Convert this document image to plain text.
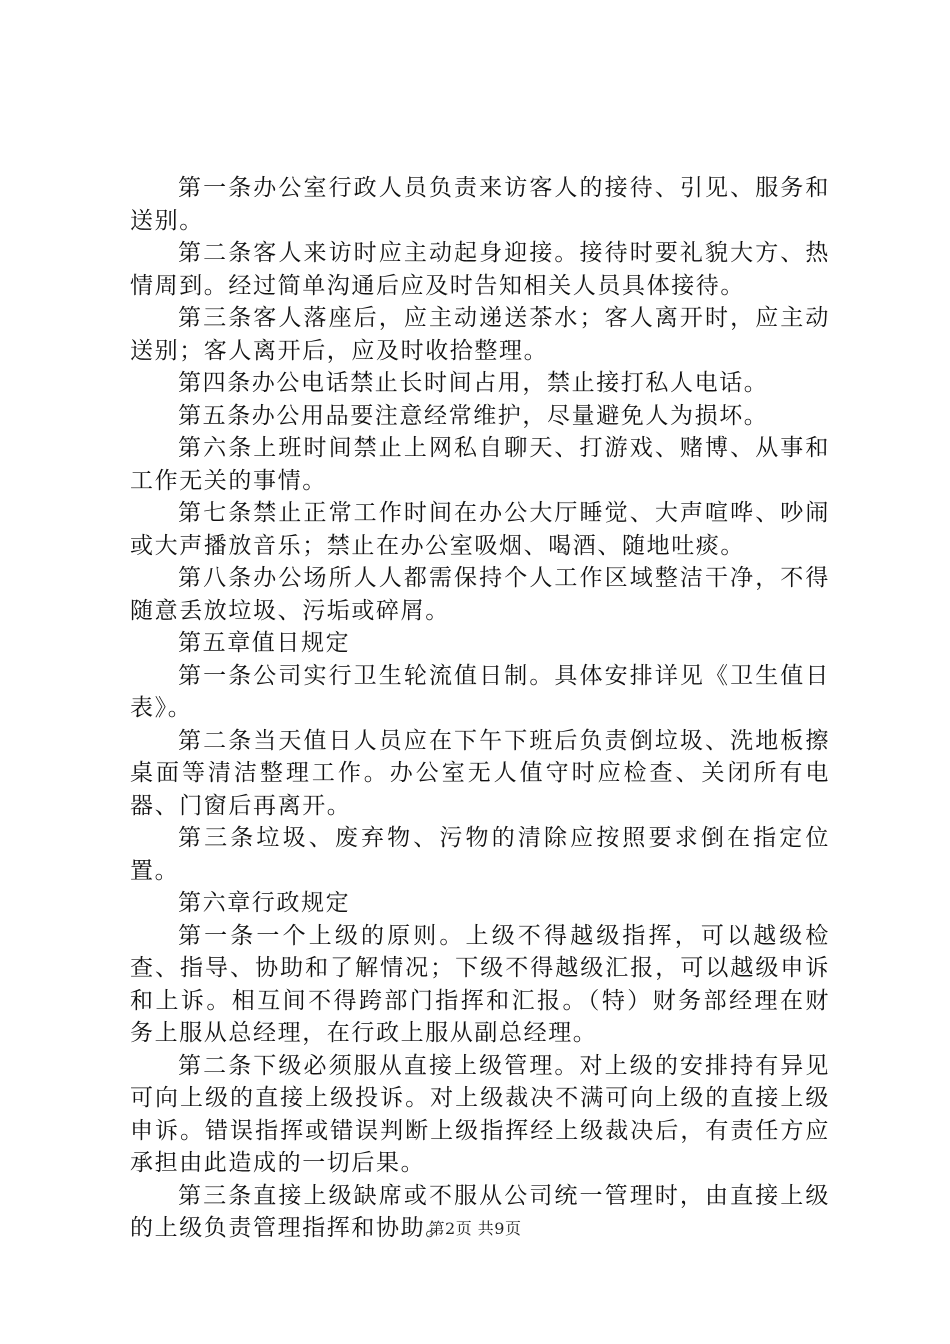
第一条办公室行政人员负责来访客人的接待、引见、服务和送别。

第二条客人来访时应主动起身迎接。接待时要礼貌大方、热情周到。经过简单沟通后应及时告知相关人员具体接待。

第三条客人落座后，应主动递送茶水；客人离开时，应主动送别；客人离开后，应及时收拾整理。

第四条办公电话禁止长时间占用，禁止接打私人电话。

第五条办公用品要注意经常维护，尽量避免人为损坏。

第六条上班时间禁止上网私自聊天、打游戏、赌博、从事和工作无关的事情。

第七条禁止正常工作时间在办公大厅睡觉、大声喧哗、吵闹或大声播放音乐；禁止在办公室吸烟、喝酒、随地吐痰。

第八条办公场所人人都需保持个人工作区域整洁干净，不得随意丢放垃圾、污垢或碎屑。

第五章值日规定

第一条公司实行卫生轮流值日制。具体安排详见《卫生值日表》。

第二条当天值日人员应在下午下班后负责倒垃圾、洗地板擦桌面等清洁整理工作。办公室无人值守时应检查、关闭所有电器、门窗后再离开。

第三条垃圾、废弃物、污物的清除应按照要求倒在指定位置。

第六章行政规定

第一条一个上级的原则。上级不得越级指挥，可以越级检查、指导、协助和了解情况；下级不得越级汇报，可以越级申诉和上诉。相互间不得跨部门指挥和汇报。（特）财务部经理在财务上服从总经理，在行政上服从副总经理。

第二条下级必须服从直接上级管理。对上级的安排持有异见可向上级的直接上级投诉。对上级裁决不满可向上级的直接上级申诉。错误指挥或错误判断上级指挥经上级裁决后，有责任方应承担由此造成的一切后果。

第三条直接上级缺席或不服从公司统一管理时，由直接上级的上级负责管理指挥和协助。

第2页 共9页
